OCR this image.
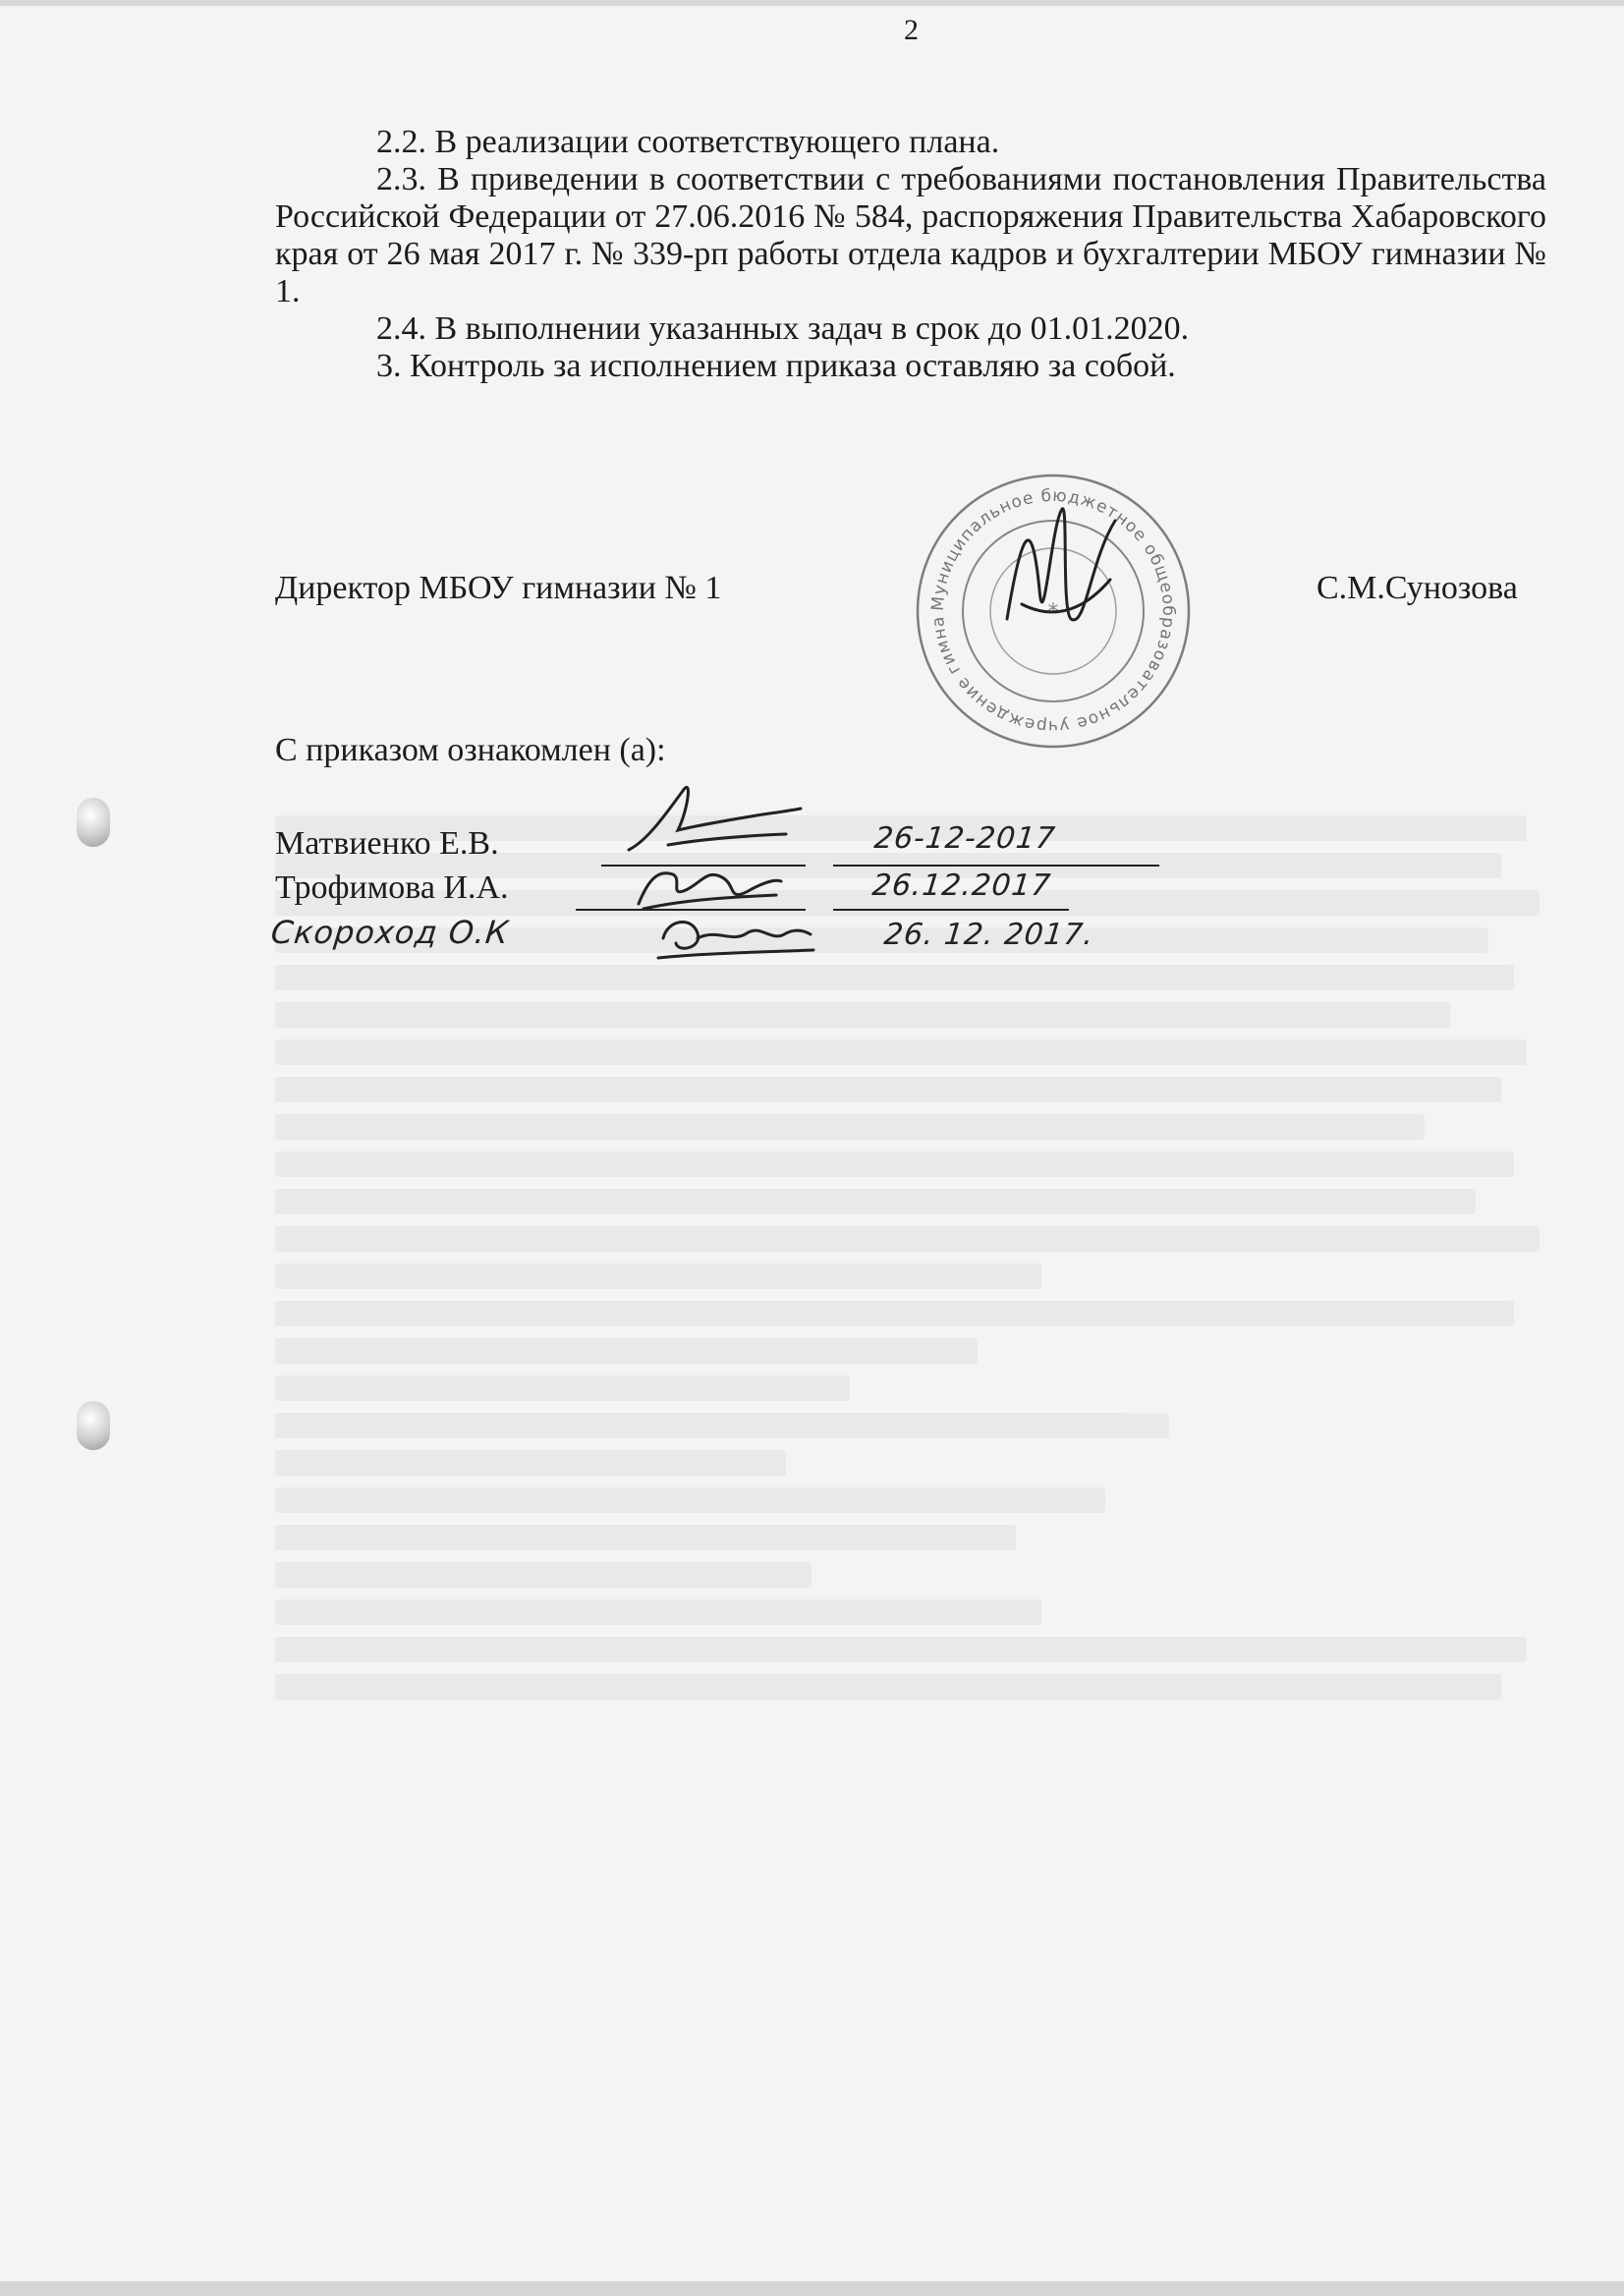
2
2.2. В реализации соответствующего плана.
2.3. В приведении в соответствии с требованиями постановления Правительства Российской Федерации от 27.06.2016 № 584, распоряжения Правительства Хабаровского края от 26 мая 2017 г. № 339-рп работы отдела кадров и бухгалтерии МБОУ гимназии № 1.
2.4. В выполнении указанных задач в срок до 01.01.2020.
3. Контроль за исполнением приказа оставляю за собой.
Директор МБОУ гимназии № 1	С.М.Сунозова
Муниципальное бюджетное общеобразовательное учреждение гимназия № 1 городского округа Хабаровск
*
С приказом ознакомлен (а):
Матвиенко Е.В.	26-12-2017
Трофимова И.А.	26.12.2017
Скороход О.К	26. 12. 2017.
